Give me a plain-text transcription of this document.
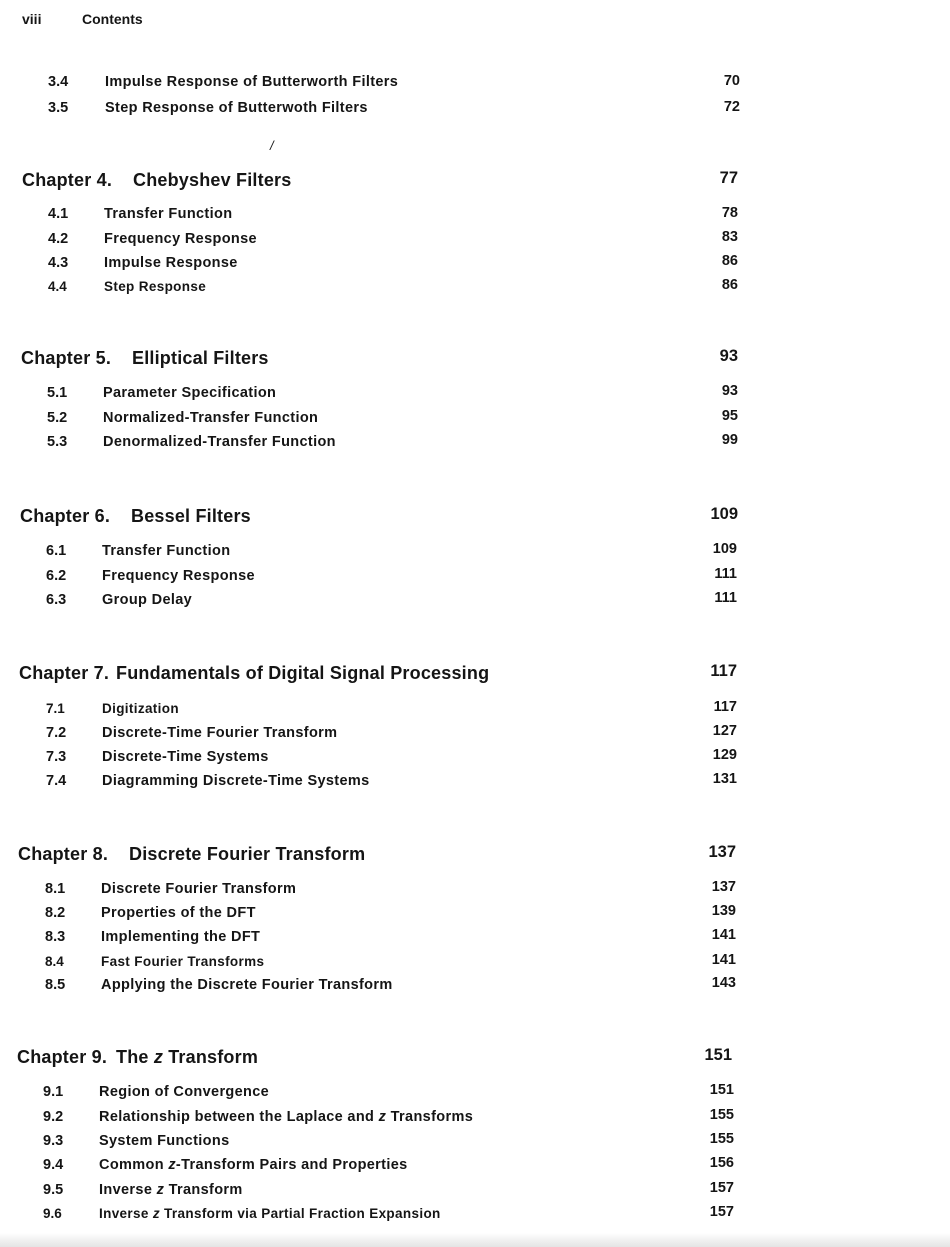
viii	Contents
3.4	Impulse Response of Butterworth Filters	70
3.5	Step Response of Butterwoth Filters	72
/
Chapter 4. Chebyshev Filters	77
4.1 Transfer Function	78
4.2 Frequency Response	83
4.3 Impulse Response	86
4.4	Step Response	86
Chapter 5. Elliptical Filters	93
5.1 Parameter Specification	93
5.2 Normalized-Transfer Function	95
5.3 Denormalized-Transfer Function	99
Chapter 6. Bessel Filters	109
6.1 Transfer Function	109
6.2 Frequency Response	111
6.3 Group Delay	111
Chapter 7. Fundamentals of Digital Signal Processing	117
7.1	Digitization	117
7.2 Discrete-Time Fourier Transform	127
7.3 Discrete-Time Systems	129
7.4 Diagramming Discrete-Time Systems	131
Chapter 8. Discrete Fourier Transform	137
8.1 Discrete Fourier Transform	137
8.2 Properties of the DFT	139
8.3 Implementing the DFT	141
8.4	Fast Fourier Transforms	141
8.5 Applying the Discrete Fourier Transform	143
Chapter 9. The z Transform	151
9.1 Region of Convergence	151
9.2 Relationship between the Laplace and z Transforms	155
9.3 System Functions	155
9.4 Common z-Transform Pairs and Properties	156
9.5 Inverse z Transform	157
9.6	Inverse z Transform via Partial Fraction Expansion	157
